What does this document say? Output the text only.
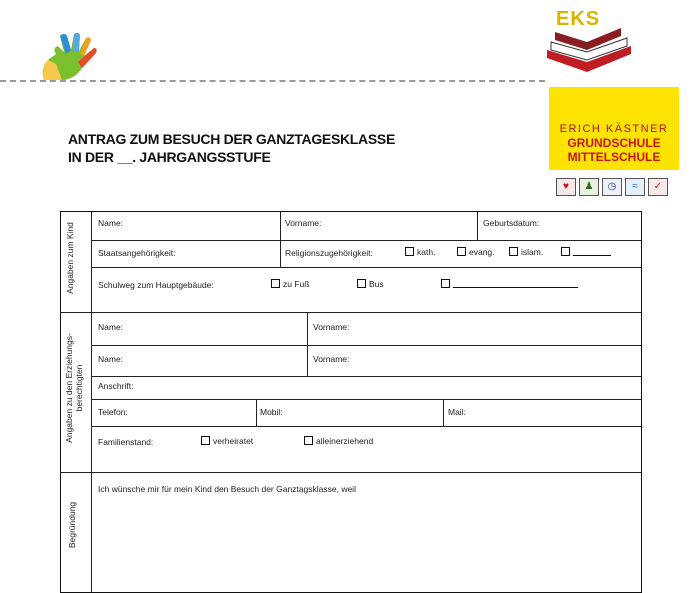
EKS
ERICH KÄSTNER
GRUNDSCHULE
MITTELSCHULE
♥	♟	◷	≈	✓
ANTRAG ZUM BESUCH DER GANZTAGESKLASSE
IN DER __. JAHRGANGSSTUFE
Angaben zum Kind	Name:	Vorname:	Geburtsdatum:
Staatsangehörigkeit:	Religionszugehörigkeit:	kath.	evang.	islam.
Schulweg zum Hauptgebäude:	zu Fuß	Bus
Angaben zu den Erziehungs-berechtigten
Name:	Vorname:
Name:	Vorname:
Anschrift:
Telefon:	Mobil:	Mail:
Familienstand:	verheiratet	alleinerziehend
Begründung
Ich wünsche mir für mein Kind den Besuch der Ganztagsklasse, weil
